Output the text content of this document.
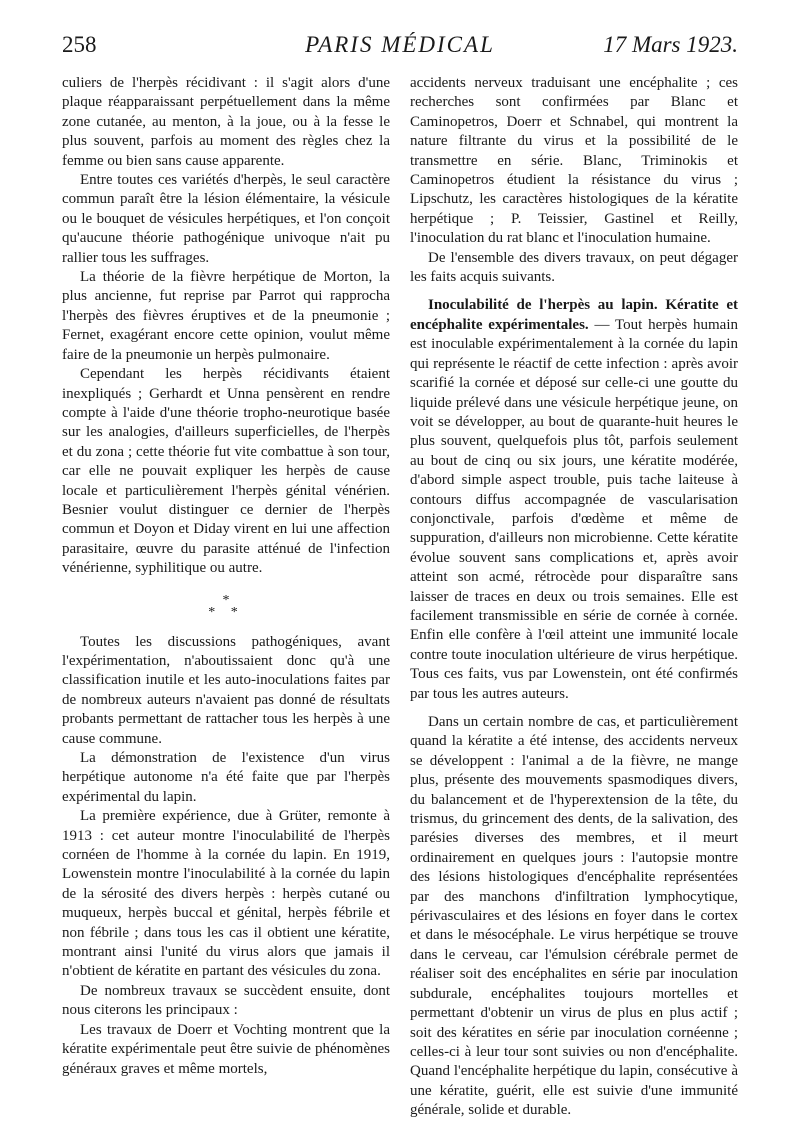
258	PARIS MÉDICAL	17 Mars 1923.

culiers de l'herpès récidivant : il s'agit alors d'une plaque réapparaissant perpétuellement dans la même zone cutanée, au menton, à la joue, ou à la fesse le plus souvent, parfois au moment des règles chez la femme ou bien sans cause apparente.

Entre toutes ces variétés d'herpès, le seul caractère commun paraît être la lésion élémentaire, la vésicule ou le bouquet de vésicules herpétiques, et l'on conçoit qu'aucune théorie pathogénique univoque n'ait pu rallier tous les suffrages.

La théorie de la fièvre herpétique de Morton, la plus ancienne, fut reprise par Parrot qui rapprocha l'herpès des fièvres éruptives et de la pneumonie ; Fernet, exagérant encore cette opinion, voulut même faire de la pneumonie un herpès pulmonaire.

Cependant les herpès récidivants étaient inexpliqués ; Gerhardt et Unna pensèrent en rendre compte à l'aide d'une théorie tropho-neurotique basée sur les analogies, d'ailleurs superficielles, de l'herpès et du zona ; cette théorie fut vite combattue à son tour, car elle ne pouvait expliquer les herpès de cause locale et particulièrement l'herpès génital vénérien. Besnier voulut distinguer ce dernier de l'herpès commun et Doyon et Diday virent en lui une affection parasitaire, œuvre du parasite atténué de l'infection vénérienne, syphilitique ou autre.

*
* *

Toutes les discussions pathogéniques, avant l'expérimentation, n'aboutissaient donc qu'à une classification inutile et les auto-inoculations faites par de nombreux auteurs n'avaient pas donné de résultats probants permettant de rattacher tous les herpès à une cause commune.

La démonstration de l'existence d'un virus herpétique autonome n'a été faite que par l'herpès expérimental du lapin.

La première expérience, due à Grüter, remonte à 1913 : cet auteur montre l'inoculabilité de l'herpès cornéen de l'homme à la cornée du lapin. En 1919, Lowenstein montre l'inoculabilité à la cornée du lapin de la sérosité des divers herpès : herpès cutané ou muqueux, herpès buccal et génital, herpès fébrile et non fébrile ; dans tous les cas il obtient une kératite, montrant ainsi l'unité du virus alors que jamais il n'obtient de kératite en partant des vésicules du zona.

De nombreux travaux se succèdent ensuite, dont nous citerons les principaux :

Les travaux de Doerr et Vochting montrent que la kératite expérimentale peut être suivie de phénomènes généraux graves et même mortels,

accidents nerveux traduisant une encéphalite ; ces recherches sont confirmées par Blanc et Caminopetros, Doerr et Schnabel, qui montrent la nature filtrante du virus et la possibilité de le transmettre en série. Blanc, Triminokis et Caminopetros étudient la résistance du virus ; Lipschutz, les caractères histologiques de la kératite herpétique ; P. Teissier, Gastinel et Reilly, l'inoculation du rat blanc et l'inoculation humaine.

De l'ensemble des divers travaux, on peut dégager les faits acquis suivants.

Inoculabilité de l'herpès au lapin. Kératite et encéphalite expérimentales. — Tout herpès humain est inoculable expérimentalement à la cornée du lapin qui représente le réactif de cette infection : après avoir scarifié la cornée et déposé sur celle-ci une goutte du liquide prélevé dans une vésicule herpétique jeune, on voit se développer, au bout de quarante-huit heures le plus souvent, quelquefois plus tôt, parfois seulement au bout de cinq ou six jours, une kératite modérée, d'abord simple aspect trouble, puis tache laiteuse à contours diffus accompagnée de vascularisation conjonctivale, parfois d'œdème et même de suppuration, d'ailleurs non microbienne. Cette kératite évolue souvent sans complications et, après avoir atteint son acmé, rétrocède pour disparaître sans laisser de traces en deux ou trois semaines. Elle est facilement transmissible en série de cornée à cornée. Enfin elle confère à l'œil atteint une immunité locale contre toute inoculation ultérieure de virus herpétique. Tous ces faits, vus par Lowenstein, ont été confirmés par tous les autres auteurs.

Dans un certain nombre de cas, et particulièrement quand la kératite a été intense, des accidents nerveux se développent : l'animal a de la fièvre, ne mange plus, présente des mouvements spasmodiques divers, du balancement et de l'hyperextension de la tête, du trismus, du grincement des dents, de la salivation, des parésies diverses des membres, et il meurt ordinairement en quelques jours : l'autopsie montre des lésions histologiques d'encéphalite représentées par des manchons d'infiltration lymphocytique, périvasculaires et des lésions en foyer dans le cortex et dans le mésocéphale. Le virus herpétique se trouve dans le cerveau, car l'émulsion cérébrale permet de réaliser soit des encéphalites en série par inoculation subdurale, encéphalites toujours mortelles et permettant d'obtenir un virus de plus en plus actif ; soit des kératites en série par inoculation cornéenne ; celles-ci à leur tour sont suivies ou non d'encéphalite. Quand l'encéphalite herpétique du lapin, consécutive à une kératite, guérit, elle est suivie d'une immunité générale, solide et durable.
